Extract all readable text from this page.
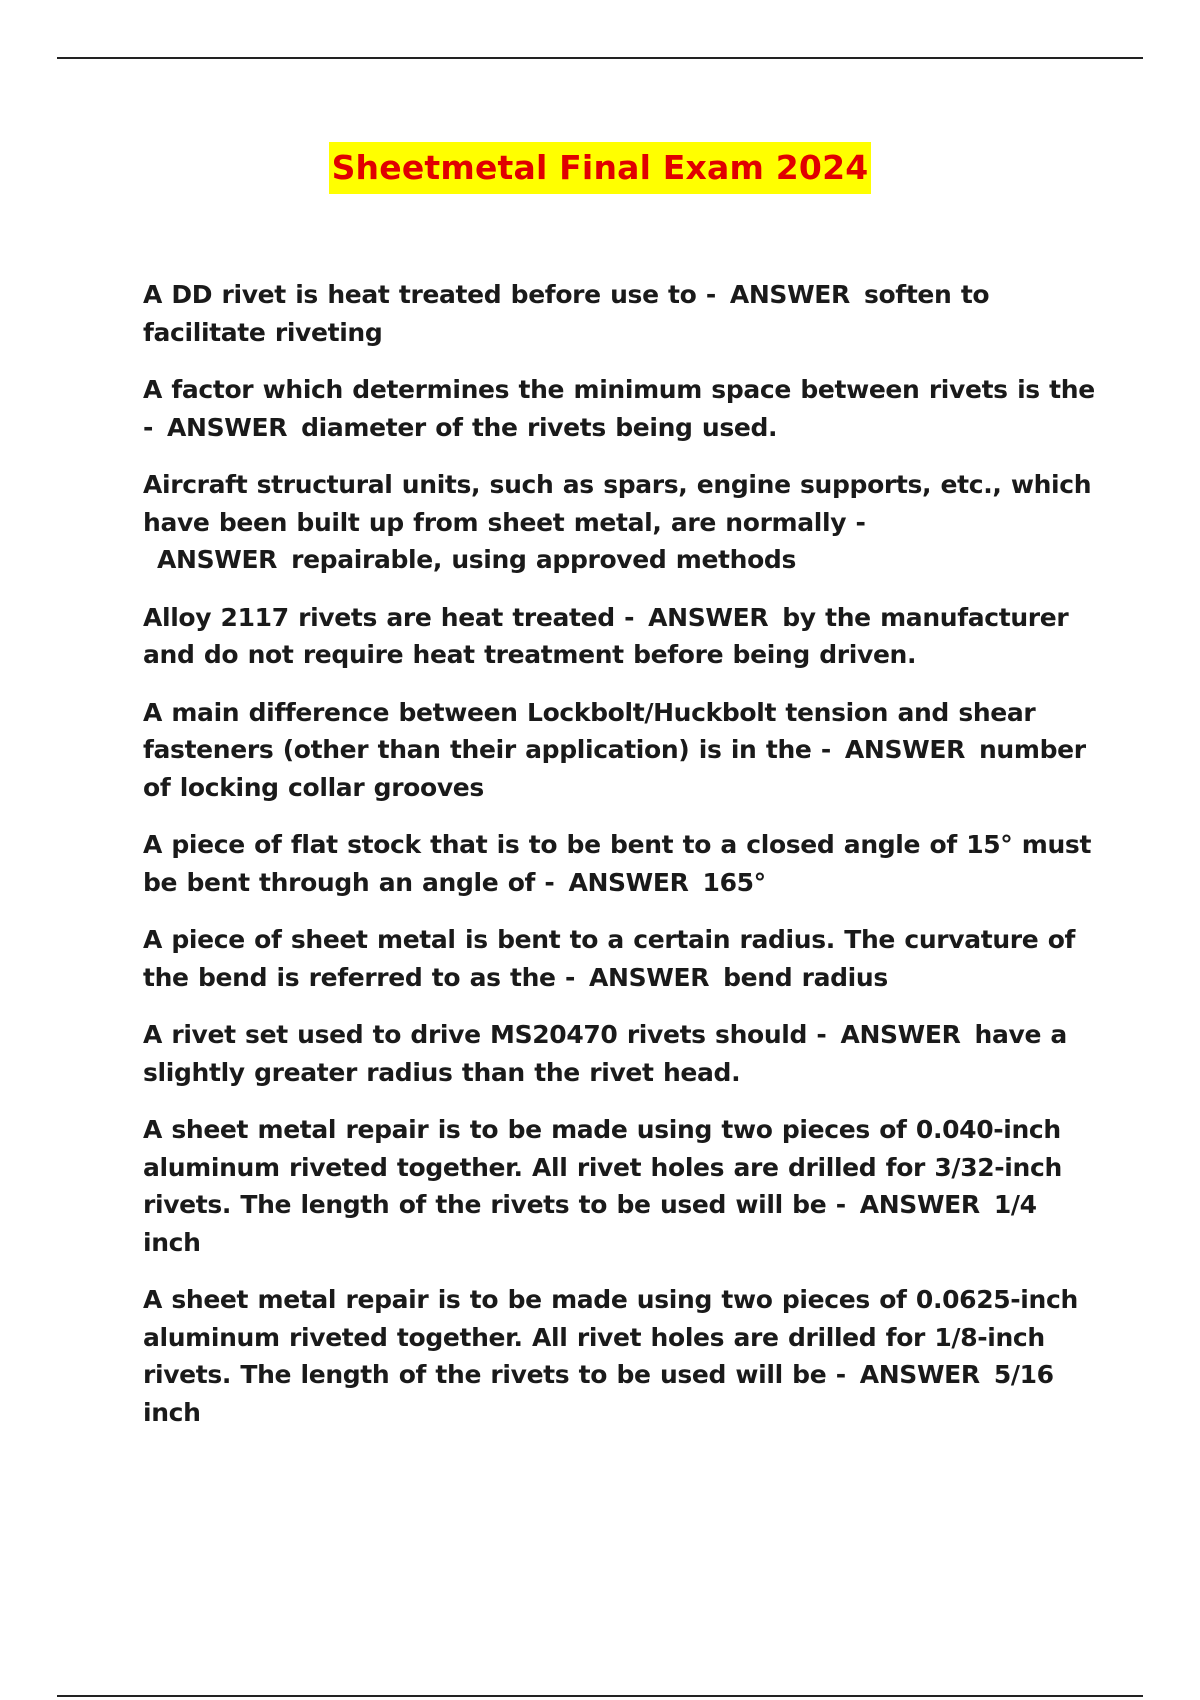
Sheetmetal Final Exam 2024

A DD rivet is heat treated before use to - ANSWER soften to facilitate riveting

A factor which determines the minimum space between rivets is the - ANSWER diameter of the rivets being used.

Aircraft structural units, such as spars, engine supports, etc., which have been built up from sheet metal, are normally -ANSWER repairable, using approved methods

Alloy 2117 rivets are heat treated - ANSWER by the manufacturer and do not require heat treatment before being driven.

A main difference between Lockbolt/Huckbolt tension and shear fasteners (other than their application) is in the - ANSWER number of locking collar grooves

A piece of flat stock that is to be bent to a closed angle of 15° must be bent through an angle of - ANSWER 165°

A piece of sheet metal is bent to a certain radius. The curvature of the bend is referred to as the - ANSWER bend radius

A rivet set used to drive MS20470 rivets should - ANSWER have a slightly greater radius than the rivet head.

A sheet metal repair is to be made using two pieces of 0.040-inch aluminum riveted together. All rivet holes are drilled for 3/32-inch rivets. The length of the rivets to be used will be - ANSWER 1/4 inch

A sheet metal repair is to be made using two pieces of 0.0625-inch aluminum riveted together. All rivet holes are drilled for 1/8-inch rivets. The length of the rivets to be used will be - ANSWER 5/16 inch
